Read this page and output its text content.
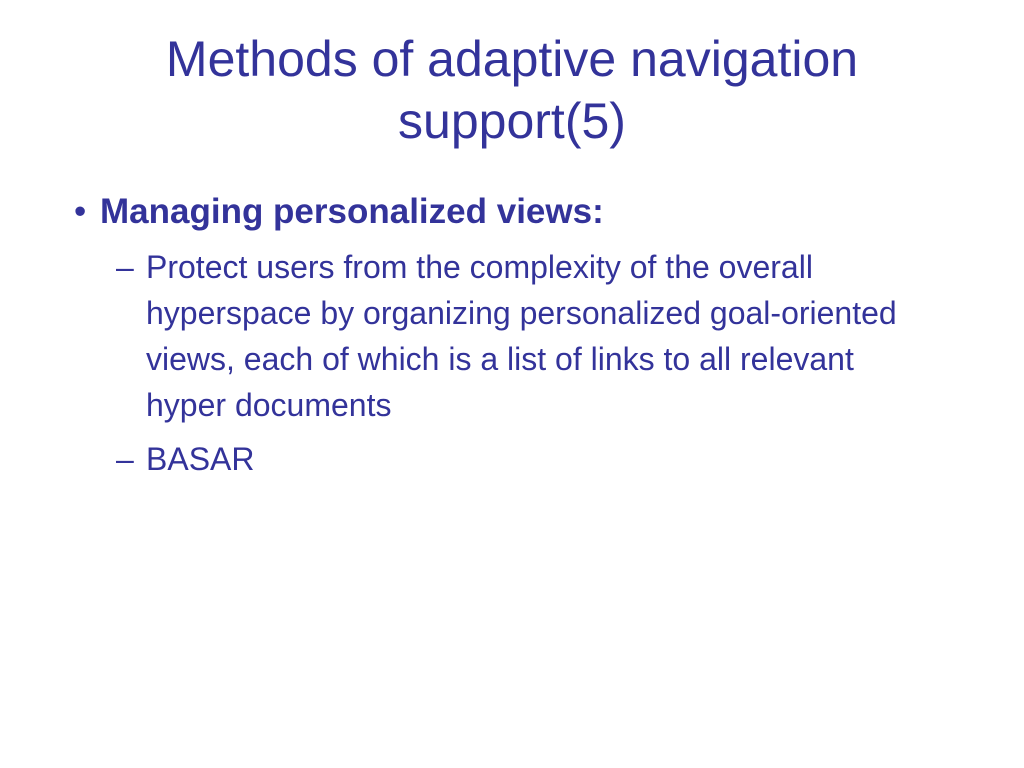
Methods of adaptive navigation support(5)
• Managing personalized views:
– Protect users from the complexity of the overall hyperspace by organizing personalized goal-oriented views, each of which is a list of links to all relevant hyper documents
– BASAR
